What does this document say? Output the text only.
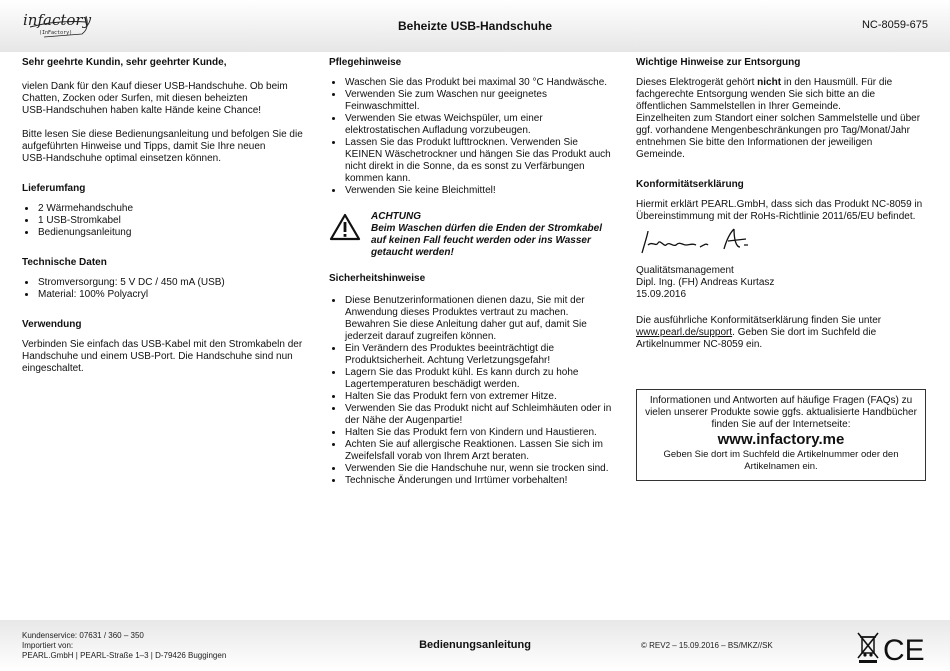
infactory
(InFactory)	Beheizte USB-Handschuhe	NC-8059-675
Sehr geehrte Kundin, sehr geehrter Kunde,

vielen Dank für den Kauf dieser USB-Handschuhe. Ob beim
Chatten, Zocken oder Surfen, mit diesen beheizten
USB-Handschuhen haben kalte Hände keine Chance!

Bitte lesen Sie diese Bedienungsanleitung und befolgen Sie die
aufgeführten Hinweise und Tipps, damit Sie Ihre neuen
USB-Handschuhe optimal einsetzen können.

Lieferumfang
• 2 Wärmehandschuhe
• 1 USB-Stromkabel
• Bedienungsanleitung
Technische Daten
• Stromversorgung: 5 V DC / 450 mA (USB)
• Material: 100% Polyacryl
Verwendung

Verbinden Sie einfach das USB-Kabel mit den Stromkabeln der
Handschuhe und einem USB-Port. Die Handschuhe sind nun
eingeschaltet.

Pflegehinweise
• Waschen Sie das Produkt bei maximal 30 °C Handwäsche.
• Verwenden Sie zum Waschen nur geeignetes
Feinwaschmittel.
• Verwenden Sie etwas Weichspüler, um einer
elektrostatischen Aufladung vorzubeugen.
• Lassen Sie das Produkt lufttrocknen. Verwenden Sie
KEINEN Wäschetrockner und hängen Sie das Produkt auch
nicht direkt in die Sonne, da es sonst zu Verfärbungen
kommen kann.
• Verwenden Sie keine Bleichmittel!
ACHTUNG

Beim Waschen dürfen die Enden der Stromkabel
auf keinen Fall feucht werden oder ins Wasser
getaucht werden!

Sicherheitshinweise
• Diese Benutzerinformationen dienen dazu, Sie mit der
Anwendung dieses Produktes vertraut zu machen.
Bewahren Sie diese Anleitung daher gut auf, damit Sie
jederzeit darauf zugreifen können.
• Ein Verändern des Produktes beeinträchtigt die
Produktsicherheit. Achtung Verletzungsgefahr!
• Lagern Sie das Produkt kühl. Es kann durch zu hohe
Lagertemperaturen beschädigt werden.
• Halten Sie das Produkt fern von extremer Hitze.
• Verwenden Sie das Produkt nicht auf Schleimhäuten oder in
der Nähe der Augenpartie!
• Halten Sie das Produkt fern von Kindern und Haustieren.
• Achten Sie auf allergische Reaktionen. Lassen Sie sich im
Zweifelsfall vorab von Ihrem Arzt beraten.
• Verwenden Sie die Handschuhe nur, wenn sie trocken sind.
• Technische Änderungen und Irrtümer vorbehalten!
Wichtige Hinweise zur Entsorgung

Dieses Elektrogerät gehört nicht in den Hausmüll. Für die
fachgerechte Entsorgung wenden Sie sich bitte an die
öffentlichen Sammelstellen in Ihrer Gemeinde.
Einzelheiten zum Standort einer solchen Sammelstelle und über
ggf. vorhandene Mengenbeschränkungen pro Tag/Monat/Jahr
entnehmen Sie bitte den Informationen der jeweiligen
Gemeinde.

Konformitätserklärung

Hiermit erklärt PEARL.GmbH, dass sich das Produkt NC-8059 in
Übereinstimmung mit der RoHs-Richtlinie 2011/65/EU befindet.

Qualitätsmanagement
Dipl. Ing. (FH) Andreas Kurtasz
15.09.2016

Die ausführliche Konformitätserklärung finden Sie unter
www.pearl.de/support. Geben Sie dort im Suchfeld die
Artikelnummer NC-8059 ein.

Informationen und Antworten auf häufige Fragen (FAQs) zu
vielen unserer Produkte sowie ggfs. aktualisierte Handbücher
finden Sie auf der Internetseite:

www.infactory.me

Geben Sie dort im Suchfeld die Artikelnummer oder den
Artikelnamen ein.

Kundenservice: 07631 / 360 – 350
Importiert von:
PEARL.GmbH | PEARL-Straße 1–3 | D-79426 Buggingen

Bedienungsanleitung	© REV2 – 15.09.2016 – BS/MKZ//SK	CE
